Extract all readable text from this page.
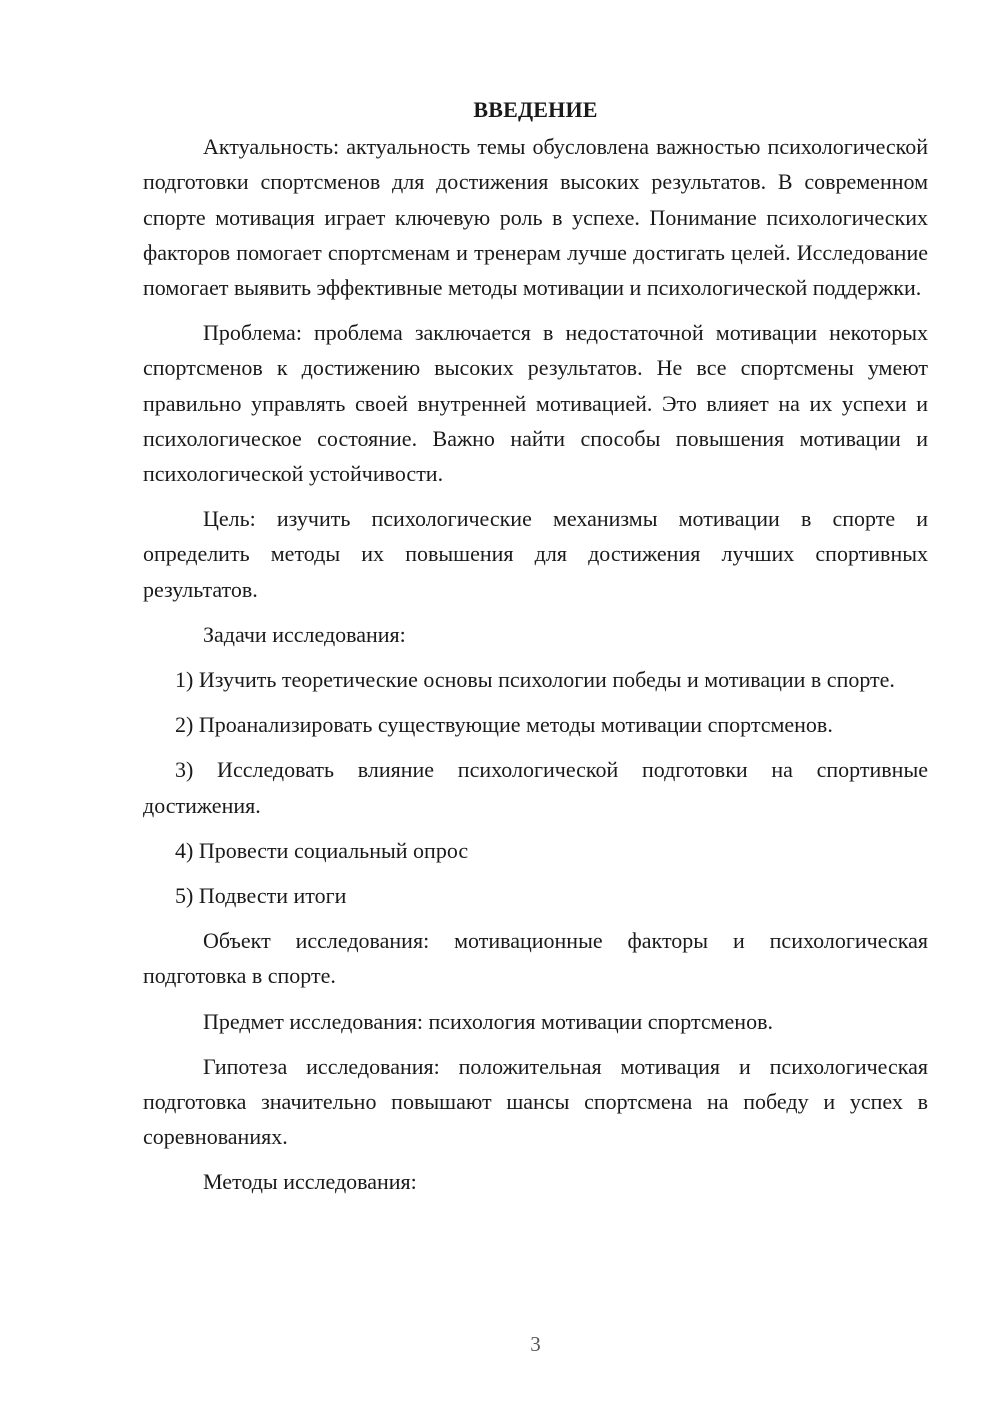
ВВЕДЕНИЕ

Актуальность: актуальность темы обусловлена важностью психологической подготовки спортсменов для достижения высоких результатов. В современном спорте мотивация играет ключевую роль в успехе. Понимание психологических факторов помогает спортсменам и тренерам лучше достигать целей. Исследование помогает выявить эффективные методы мотивации и психологической поддержки.

Проблема: проблема заключается в недостаточной мотивации некоторых спортсменов к достижению высоких результатов. Не все спортсмены умеют правильно управлять своей внутренней мотивацией. Это влияет на их успехи и психологическое состояние. Важно найти способы повышения мотивации и психологической устойчивости.

Цель: изучить психологические механизмы мотивации в спорте и определить методы их повышения для достижения лучших спортивных результатов.

Задачи исследования:

1) Изучить теоретические основы психологии победы и мотивации в спорте.
2) Проанализировать существующие методы мотивации спортсменов.
3) Исследовать влияние психологической подготовки на спортивные достижения.
4) Провести социальный опрос
5) Подвести итоги

Объект исследования: мотивационные факторы и психологическая подготовка в спорте.

Предмет исследования: психология мотивации спортсменов.

Гипотеза исследования: положительная мотивация и психологическая подготовка значительно повышают шансы спортсмена на победу и успех в соревнованиях.

Методы исследования:

3
